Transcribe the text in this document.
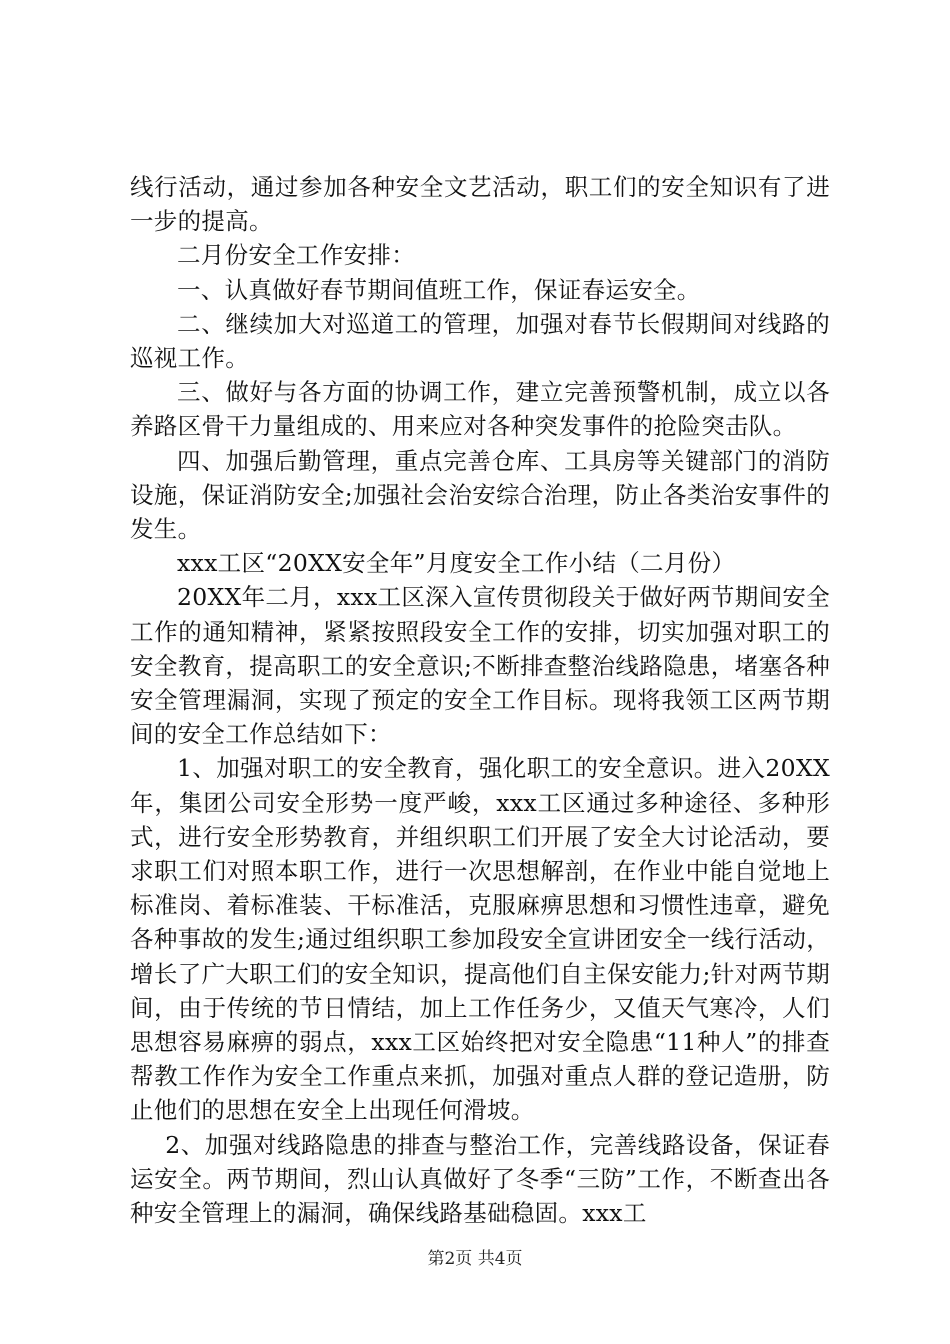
线行活动，通过参加各种安全文艺活动，职工们的安全知识有了进一步的提高。

二月份安全工作安排：

一、认真做好春节期间值班工作，保证春运安全。

二、继续加大对巡道工的管理，加强对春节长假期间对线路的巡视工作。

三、做好与各方面的协调工作，建立完善预警机制，成立以各养路区骨干力量组成的、用来应对各种突发事件的抢险突击队。

四、加强后勤管理，重点完善仓库、工具房等关键部门的消防设施，保证消防安全;加强社会治安综合治理，防止各类治安事件的发生。

xxx工区“20XX安全年”月度安全工作小结（二月份）

20XX年二月，xxx工区深入宣传贯彻段关于做好两节期间安全工作的通知精神，紧紧按照段安全工作的安排，切实加强对职工的安全教育，提高职工的安全意识;不断排查整治线路隐患，堵塞各种安全管理漏洞，实现了预定的安全工作目标。现将我领工区两节期间的安全工作总结如下：

1、加强对职工的安全教育，强化职工的安全意识。进入20XX年，集团公司安全形势一度严峻，xxx工区通过多种途径、多种形式，进行安全形势教育，并组织职工们开展了安全大讨论活动，要求职工们对照本职工作，进行一次思想解剖，在作业中能自觉地上标准岗、着标准装、干标准活，克服麻痹思想和习惯性违章，避免各种事故的发生;通过组织职工参加段安全宣讲团安全一线行活动，增长了广大职工们的安全知识，提高他们自主保安能力;针对两节期间，由于传统的节日情结，加上工作任务少，又值天气寒冷，人们思想容易麻痹的弱点，xxx工区始终把对安全隐患“11种人”的排查帮教工作作为安全工作重点来抓，加强对重点人群的登记造册，防止他们的思想在安全上出现任何滑坡。

2、加强对线路隐患的排查与整治工作，完善线路设备，保证春运安全。两节期间，烈山认真做好了冬季“三防”工作，不断查出各种安全管理上的漏洞，确保线路基础稳固。xxx工

第2页 共4页
